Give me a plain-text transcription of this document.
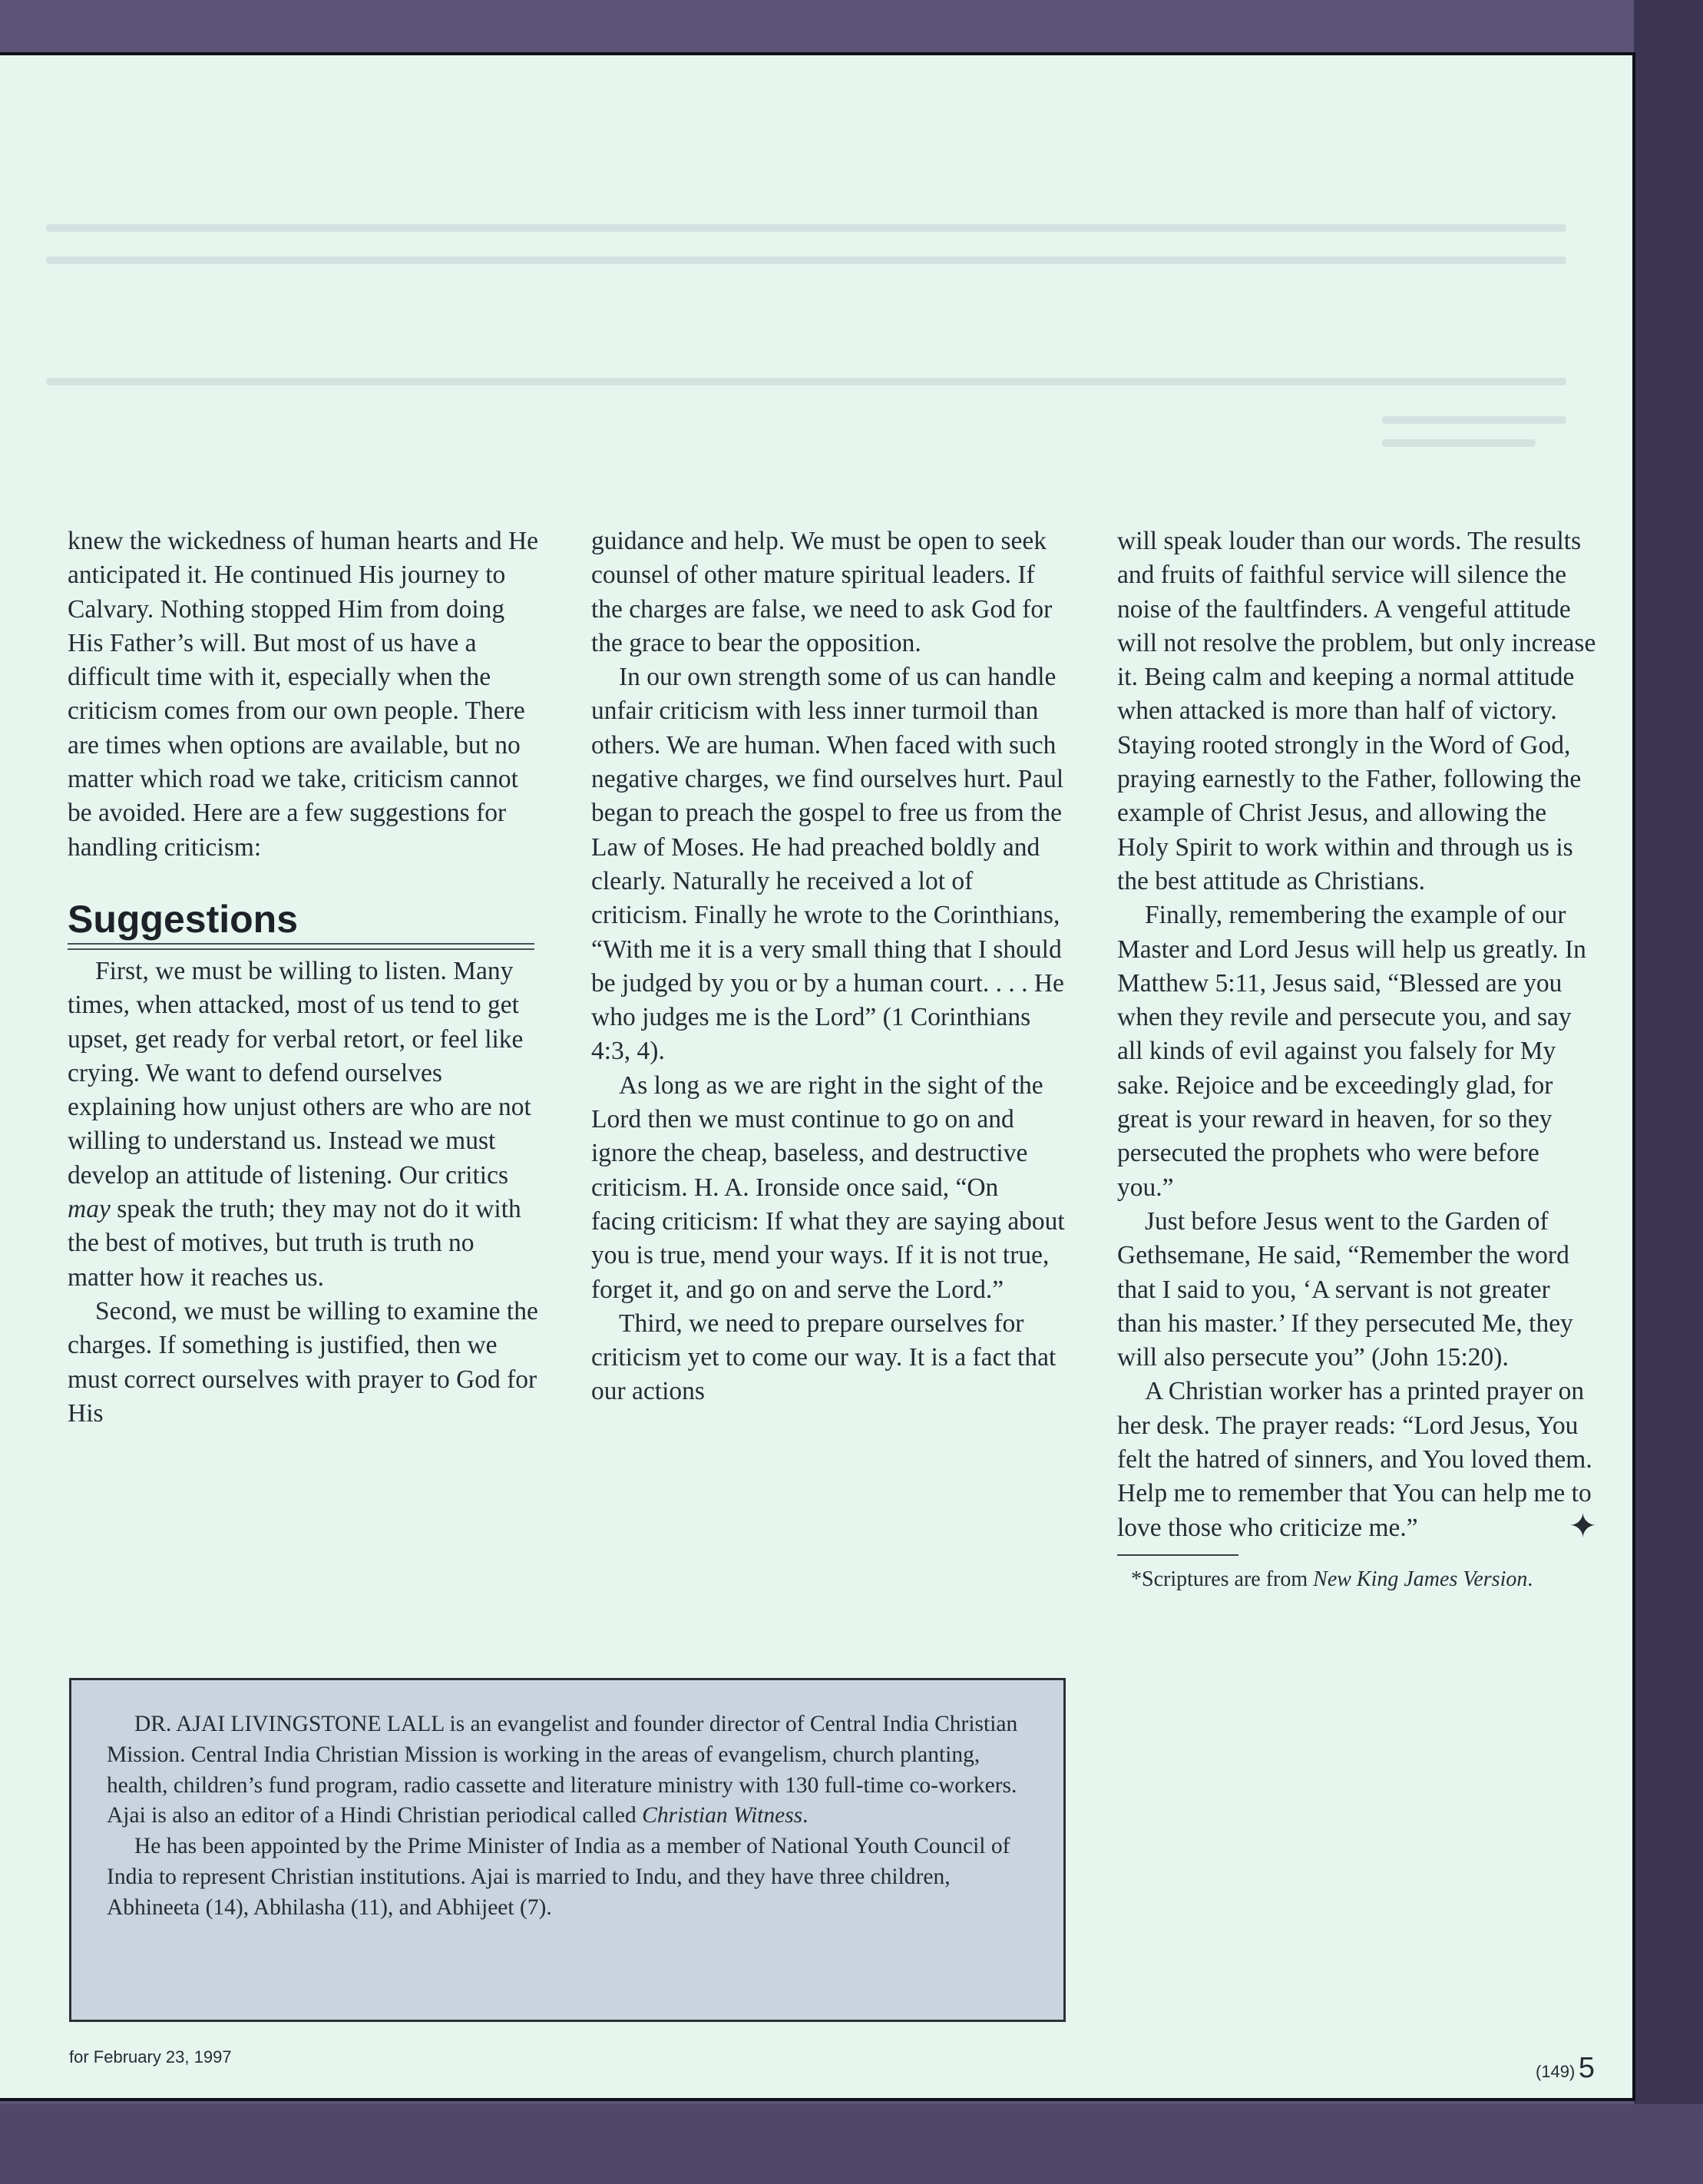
knew the wickedness of human hearts and He anticipated it. He continued His journey to Calvary. Nothing stopped Him from doing His Father’s will. But most of us have a difficult time with it, especially when the criticism comes from our own people. There are times when options are available, but no matter which road we take, criticism cannot be avoided. Here are a few suggestions for handling criticism:

Suggestions

First, we must be willing to listen. Many times, when attacked, most of us tend to get upset, get ready for verbal retort, or feel like crying. We want to defend ourselves explaining how unjust others are who are not willing to understand us. Instead we must develop an attitude of listening. Our critics may speak the truth; they may not do it with the best of motives, but truth is truth no matter how it reaches us.

Second, we must be willing to examine the charges. If something is justified, then we must correct ourselves with prayer to God for His

guidance and help. We must be open to seek counsel of other mature spiritual leaders. If the charges are false, we need to ask God for the grace to bear the opposition.

In our own strength some of us can handle unfair criticism with less inner turmoil than others. We are human. When faced with such negative charges, we find ourselves hurt. Paul began to preach the gospel to free us from the Law of Moses. He had preached boldly and clearly. Naturally he received a lot of criticism. Finally he wrote to the Corinthians, “With me it is a very small thing that I should be judged by you or by a human court. . . . He who judges me is the Lord” (1 Corinthians 4:3, 4).

As long as we are right in the sight of the Lord then we must continue to go on and ignore the cheap, baseless, and destructive criticism. H. A. Ironside once said, “On facing criticism: If what they are saying about you is true, mend your ways. If it is not true, forget it, and go on and serve the Lord.”

Third, we need to prepare ourselves for criticism yet to come our way. It is a fact that our actions

will speak louder than our words. The results and fruits of faithful service will silence the noise of the faultfinders. A vengeful attitude will not resolve the problem, but only increase it. Being calm and keeping a normal attitude when attacked is more than half of victory. Staying rooted strongly in the Word of God, praying earnestly to the Father, following the example of Christ Jesus, and allowing the Holy Spirit to work within and through us is the best attitude as Christians.

Finally, remembering the example of our Master and Lord Jesus will help us greatly. In Matthew 5:11, Jesus said, “Blessed are you when they revile and persecute you, and say all kinds of evil against you falsely for My sake. Rejoice and be exceedingly glad, for great is your reward in heaven, for so they persecuted the prophets who were before you.”

Just before Jesus went to the Garden of Gethsemane, He said, “Remember the word that I said to you, ‘A servant is not greater than his master.’ If they persecuted Me, they will also persecute you” (John 15:20).

A Christian worker has a printed prayer on her desk. The prayer reads: “Lord Jesus, You felt the hatred of sinners, and You loved them. Help me to remember that You can help me to love those who criticize me.”	✦

*Scriptures are from New King James Version.

DR. AJAI LIVINGSTONE LALL is an evangelist and founder director of Central India Christian Mission. Central India Christian Mission is working in the areas of evangelism, church planting, health, children’s fund program, radio cassette and literature ministry with 130 full-time co-workers. Ajai is also an editor of a Hindi Christian periodical called Christian Witness.

He has been appointed by the Prime Minister of India as a member of National Youth Council of India to represent Christian institutions. Ajai is married to Indu, and they have three children, Abhineeta (14), Abhilasha (11), and Abhijeet (7).

for February 23, 1997
(149) 5
